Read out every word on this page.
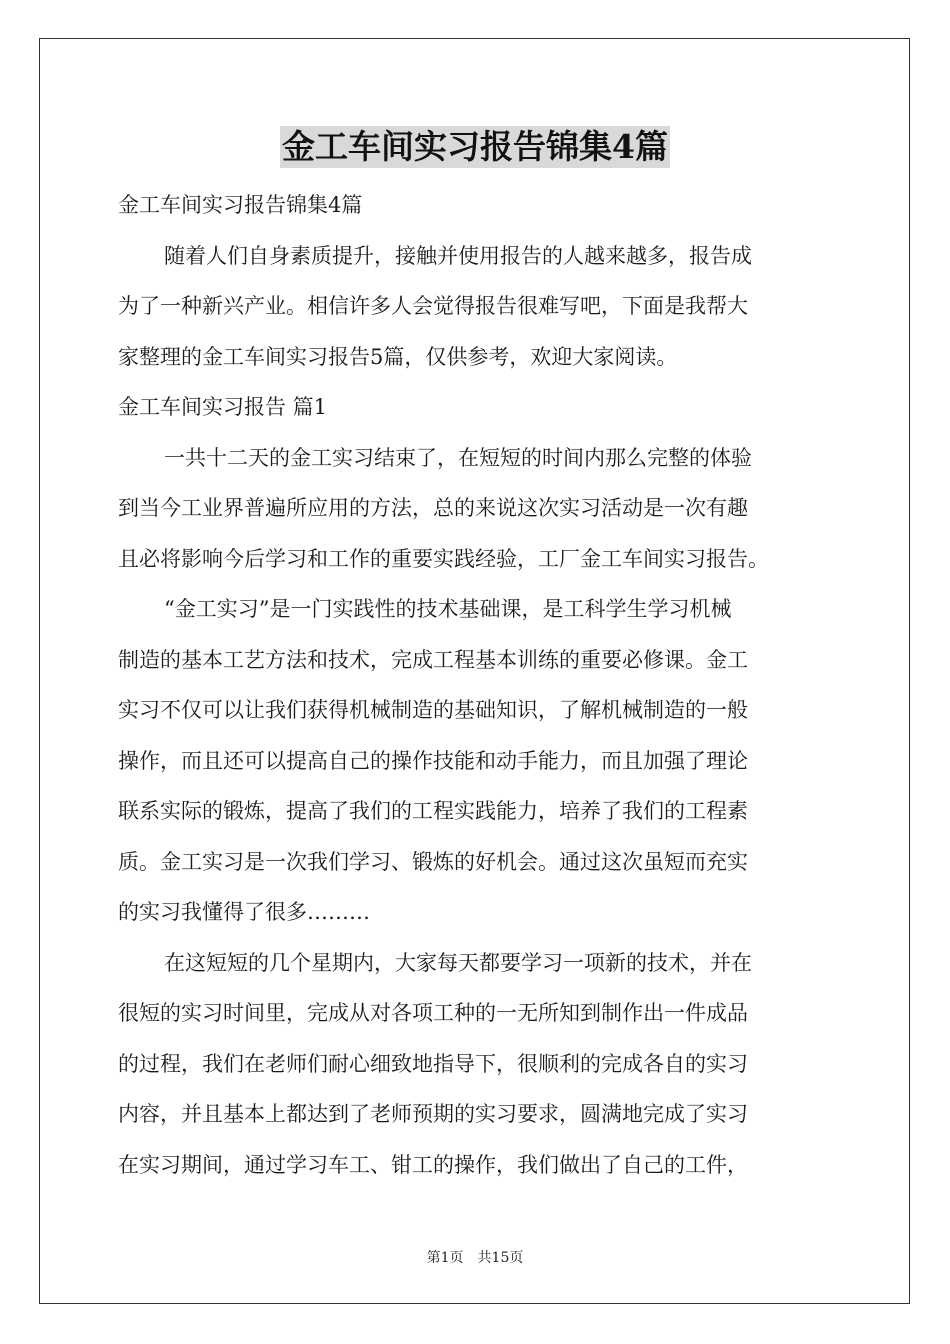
金工车间实习报告锦集4篇
金工车间实习报告锦集4篇
随着人们自身素质提升，接触并使用报告的人越来越多，报告成
为了一种新兴产业。相信许多人会觉得报告很难写吧，下面是我帮大
家整理的金工车间实习报告5篇，仅供参考，欢迎大家阅读。
金工车间实习报告 篇1
一共十二天的金工实习结束了，在短短的时间内那么完整的体验
到当今工业界普遍所应用的方法，总的来说这次实习活动是一次有趣
且必将影响今后学习和工作的重要实践经验，工厂金工车间实习报告。
“金工实习”是一门实践性的技术基础课，是工科学生学习机械
制造的基本工艺方法和技术，完成工程基本训练的重要必修课。金工
实习不仅可以让我们获得机械制造的基础知识，了解机械制造的一般
操作，而且还可以提高自己的操作技能和动手能力，而且加强了理论
联系实际的锻炼，提高了我们的工程实践能力，培养了我们的工程素
质。金工实习是一次我们学习、锻炼的好机会。通过这次虽短而充实
的实习我懂得了很多………
在这短短的几个星期内，大家每天都要学习一项新的技术，并在
很短的实习时间里，完成从对各项工种的一无所知到制作出一件成品
的过程，我们在老师们耐心细致地指导下，很顺利的完成各自的实习
内容，并且基本上都达到了老师预期的实习要求，圆满地完成了实习
在实习期间，通过学习车工、钳工的操作，我们做出了自己的工件，
第1页 共15页
